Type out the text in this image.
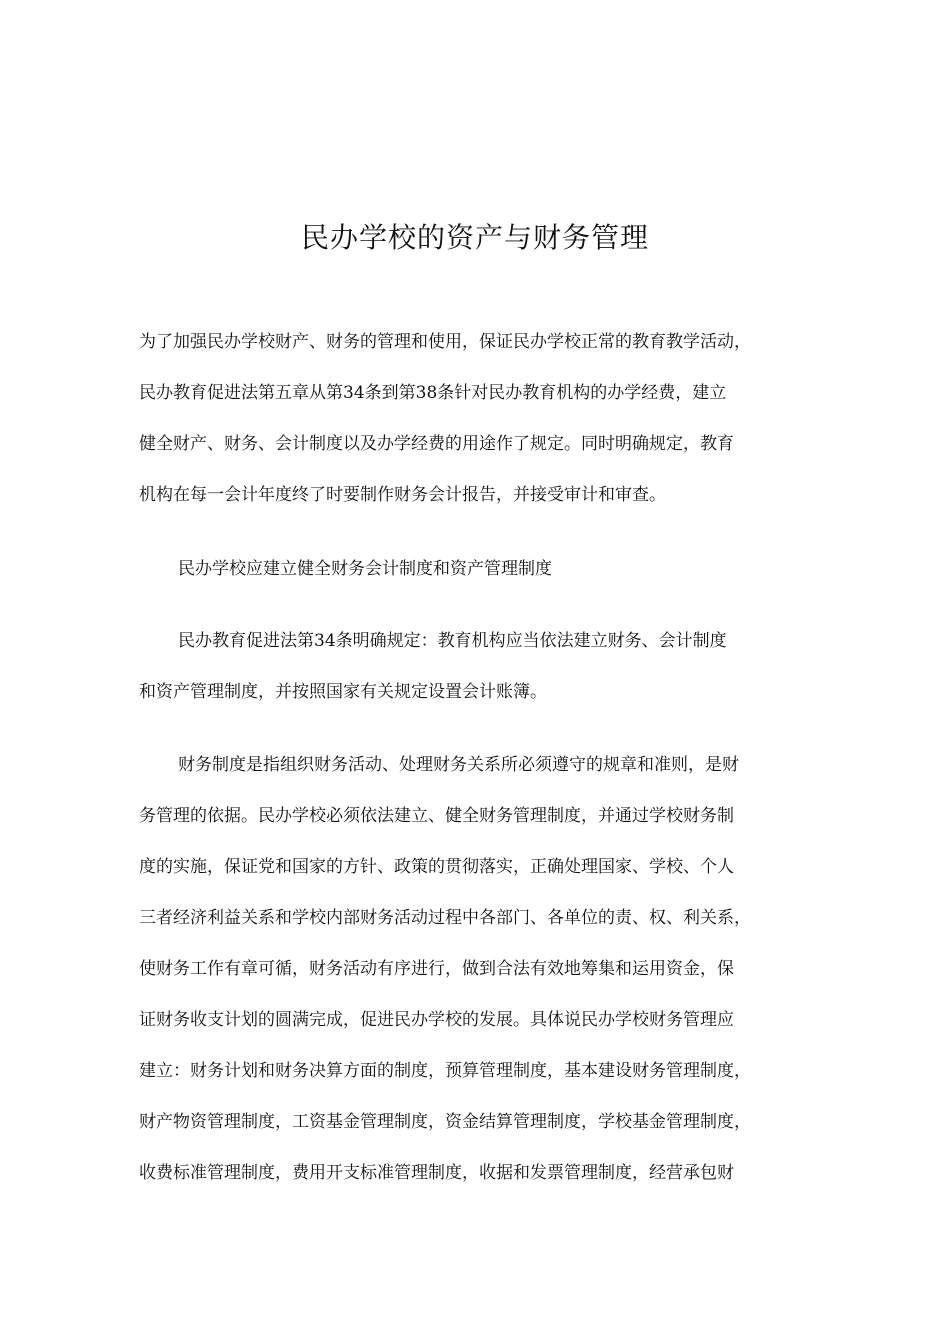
民办学校的资产与财务管理
为了加强民办学校财产、财务的管理和使用，保证民办学校正常的教育教学活动，
民办教育促进法第五章从第34条到第38条针对民办教育机构的办学经费，建立
健全财产、财务、会计制度以及办学经费的用途作了规定。同时明确规定，教育
机构在每一会计年度终了时要制作财务会计报告，并接受审计和审查。
民办学校应建立健全财务会计制度和资产管理制度
民办教育促进法第34条明确规定：教育机构应当依法建立财务、会计制度
和资产管理制度，并按照国家有关规定设置会计账簿。
财务制度是指组织财务活动、处理财务关系所必须遵守的规章和准则，是财
务管理的依据。民办学校必须依法建立、健全财务管理制度，并通过学校财务制
度的实施，保证党和国家的方针、政策的贯彻落实，正确处理国家、学校、个人
三者经济利益关系和学校内部财务活动过程中各部门、各单位的责、权、利关系，
使财务工作有章可循，财务活动有序进行，做到合法有效地筹集和运用资金，保
证财务收支计划的圆满完成，促进民办学校的发展。具体说民办学校财务管理应
建立：财务计划和财务决算方面的制度，预算管理制度，基本建设财务管理制度，
财产物资管理制度，工资基金管理制度，资金结算管理制度，学校基金管理制度，
收费标准管理制度，费用开支标准管理制度，收据和发票管理制度，经营承包财
